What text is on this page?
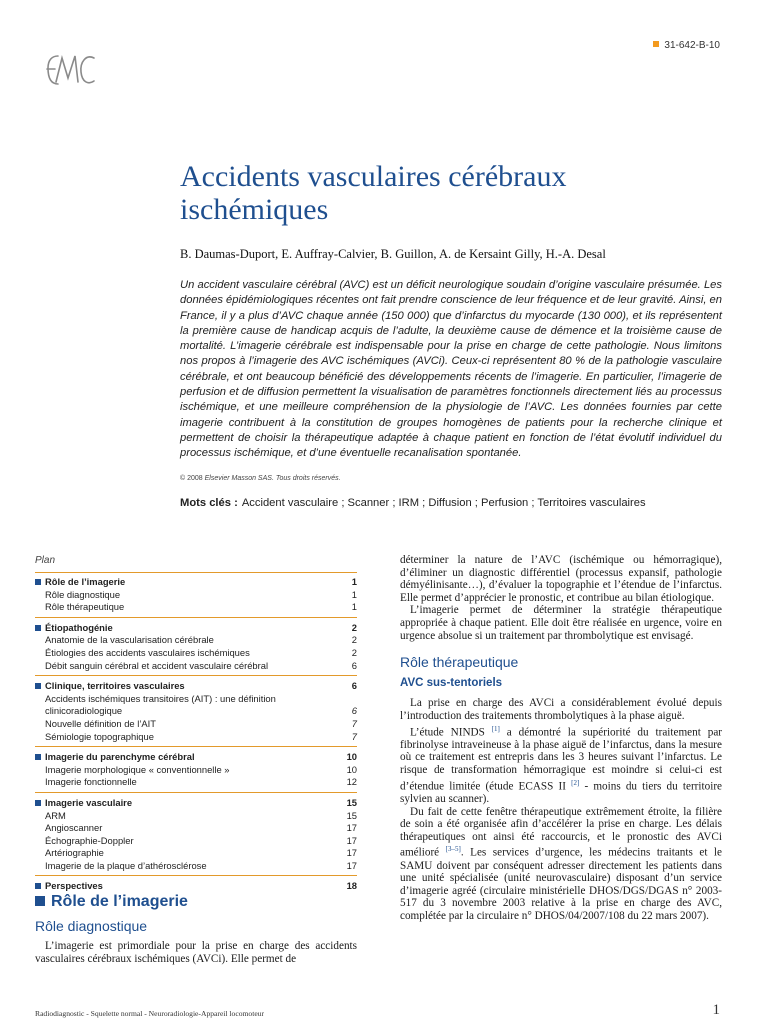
31-642-B-10
Accidents vasculaires cérébraux ischémiques
B. Daumas-Duport, E. Auffray-Calvier, B. Guillon, A. de Kersaint Gilly, H.-A. Desal

Un accident vasculaire cérébral (AVC) est un déficit neurologique soudain d’origine vasculaire présumée. Les données épidémiologiques récentes ont fait prendre conscience de leur fréquence et de leur gravité. Ainsi, en France, il y a plus d’AVC chaque année (150 000) que d’infarctus du myocarde (130 000), et ils représentent la première cause de handicap acquis de l’adulte, la deuxième cause de démence et la troisième cause de mortalité. L’imagerie cérébrale est indispensable pour la prise en charge de cette pathologie. Nous limitons nos propos à l’imagerie des AVC ischémiques (AVCi). Ceux-ci représentent 80 % de la pathologie vasculaire cérébrale, et ont beaucoup bénéficié des développements récents de l’imagerie. En particulier, l’imagerie de perfusion et de diffusion permettent la visualisation de paramètres fonctionnels directement liés au processus ischémique, et une meilleure compréhension de la physiologie de l’AVC. Les données fournies par cette imagerie contribuent à la constitution de groupes homogènes de patients pour la recherche clinique et permettent de choisir la thérapeutique adaptée à chaque patient en fonction de l’état évolutif individuel du processus ischémique, et d’une éventuelle recanalisation spontanée.

© 2008 Elsevier Masson SAS. Tous droits réservés.
Mots clés : Accident vasculaire ; Scanner ; IRM ; Diffusion ; Perfusion ; Territoires vasculaires
Plan
Rôle de l’imagerie	1
Rôle diagnostique	1
Rôle thérapeutique	1
Étiopathogénie	2
Anatomie de la vascularisation cérébrale	2
Étiologies des accidents vasculaires ischémiques	2
Débit sanguin cérébral et accident vasculaire cérébral	6
Clinique, territoires vasculaires	6
Accidents ischémiques transitoires (AIT) : une définition
clinicoradiologique	6
Nouvelle définition de l’AIT	7
Sémiologie topographique	7
Imagerie du parenchyme cérébral	10
Imagerie morphologique « conventionnelle »	10
Imagerie fonctionnelle	12
Imagerie vasculaire	15
ARM	15
Angioscanner	17
Échographie-Doppler	17
Artériographie	17
Imagerie de la plaque d’athérosclérose	17
Perspectives	18
Rôle de l’imagerie
Rôle diagnostique

L’imagerie est primordiale pour la prise en charge des accidents vasculaires cérébraux ischémiques (AVCi). Elle permet de

déterminer la nature de l’AVC (ischémique ou hémorragique), d’éliminer un diagnostic différentiel (processus expansif, pathologie démyélinisante…), d’évaluer la topographie et l’étendue de l’infarctus. Elle permet d’apprécier le pronostic, et contribue au bilan étiologique.

L’imagerie permet de déterminer la stratégie thérapeutique appropriée à chaque patient. Elle doit être réalisée en urgence, voire en urgence absolue si un traitement par thrombolytique est envisagé.

Rôle thérapeutique
AVC sus-tentoriels

La prise en charge des AVCi a considérablement évolué depuis l’introduction des traitements thrombolytiques à la phase aiguë.

L’étude NINDS [1] a démontré la supériorité du traitement par fibrinolyse intraveineuse à la phase aiguë de l’infarctus, dans la mesure où ce traitement est entrepris dans les 3 heures suivant l’infarctus. Le risque de transformation hémorragique est moindre si celui-ci est d’étendue limitée (étude ECASS II [2] - moins du tiers du territoire sylvien au scanner).

Du fait de cette fenêtre thérapeutique extrêmement étroite, la filière de soin a été organisée afin d’accélérer la prise en charge. Les délais thérapeutiques ont ainsi été raccourcis, et le pronostic des AVCi amélioré [3–5]. Les services d’urgence, les médecins traitants et le SAMU doivent par conséquent adresser directement les patients dans une unité spécialisée (unité neurovasculaire) disposant d’un service d’imagerie agréé (circulaire ministérielle DHOS/DGS/DGAS n° 2003-517 du 3 novembre 2003 relative à la prise en charge des AVC, complétée par la circulaire n° DHOS/04/2007/108 du 22 mars 2007).

Radiodiagnostic - Squelette normal - Neuroradiologie-Appareil locomoteur	1
